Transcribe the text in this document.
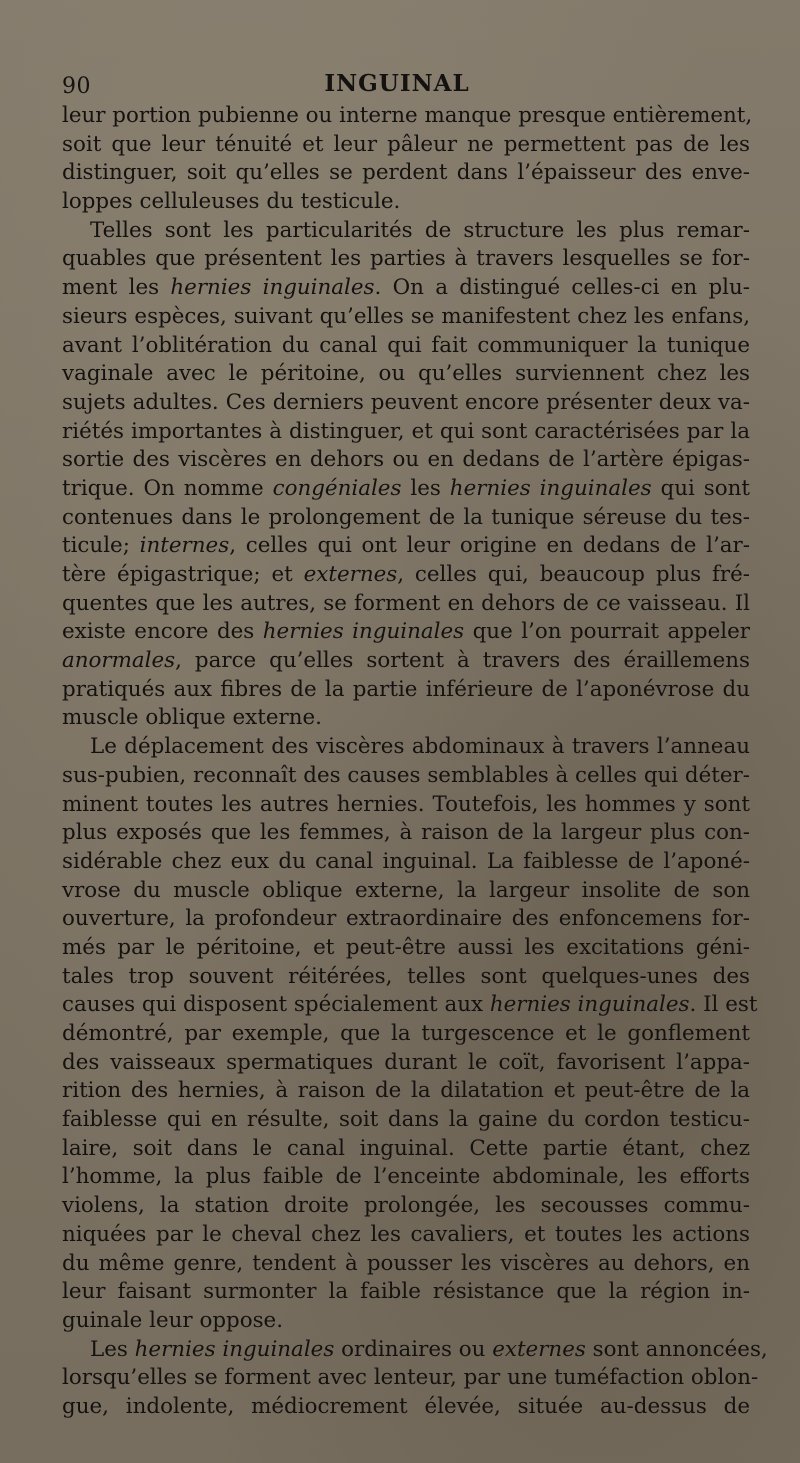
90	INGUINAL
leur portion pubienne ou interne manque presque entièrement,
soit que leur ténuité et leur pâleur ne permettent pas de les
distinguer, soit qu’elles se perdent dans l’épaisseur des enve-
loppes celluleuses du testicule.
Telles sont les particularités de structure les plus remar-
quables que présentent les parties à travers lesquelles se for-
ment les hernies inguinales. On a distingué celles-ci en plu-
sieurs espèces, suivant qu’elles se manifestent chez les enfans,
avant l’oblitération du canal qui fait communiquer la tunique
vaginale avec le péritoine, ou qu’elles surviennent chez les
sujets adultes. Ces derniers peuvent encore présenter deux va-
riétés importantes à distinguer, et qui sont caractérisées par la
sortie des viscères en dehors ou en dedans de l’artère épigas-
trique. On nomme congéniales les hernies inguinales qui sont
contenues dans le prolongement de la tunique séreuse du tes-
ticule; internes, celles qui ont leur origine en dedans de l’ar-
tère épigastrique; et externes, celles qui, beaucoup plus fré-
quentes que les autres, se forment en dehors de ce vaisseau. Il
existe encore des hernies inguinales que l’on pourrait appeler
anormales, parce qu’elles sortent à travers des éraillemens
pratiqués aux fibres de la partie inférieure de l’aponévrose du
muscle oblique externe.
Le déplacement des viscères abdominaux à travers l’anneau
sus-pubien, reconnaît des causes semblables à celles qui déter-
minent toutes les autres hernies. Toutefois, les hommes y sont
plus exposés que les femmes, à raison de la largeur plus con-
sidérable chez eux du canal inguinal. La faiblesse de l’aponé-
vrose du muscle oblique externe, la largeur insolite de son
ouverture, la profondeur extraordinaire des enfoncemens for-
més par le péritoine, et peut-être aussi les excitations géni-
tales trop souvent réitérées, telles sont quelques-unes des
causes qui disposent spécialement aux hernies inguinales. Il est
démontré, par exemple, que la turgescence et le gonflement
des vaisseaux spermatiques durant le coït, favorisent l’appa-
rition des hernies, à raison de la dilatation et peut-être de la
faiblesse qui en résulte, soit dans la gaine du cordon testicu-
laire, soit dans le canal inguinal. Cette partie étant, chez
l’homme, la plus faible de l’enceinte abdominale, les efforts
violens, la station droite prolongée, les secousses commu-
niquées par le cheval chez les cavaliers, et toutes les actions
du même genre, tendent à pousser les viscères au dehors, en
leur faisant surmonter la faible résistance que la région in-
guinale leur oppose.
Les hernies inguinales ordinaires ou externes sont annoncées,
lorsqu’elles se forment avec lenteur, par une tuméfaction oblon-
gue, indolente, médiocrement élevée, située au-dessus de
